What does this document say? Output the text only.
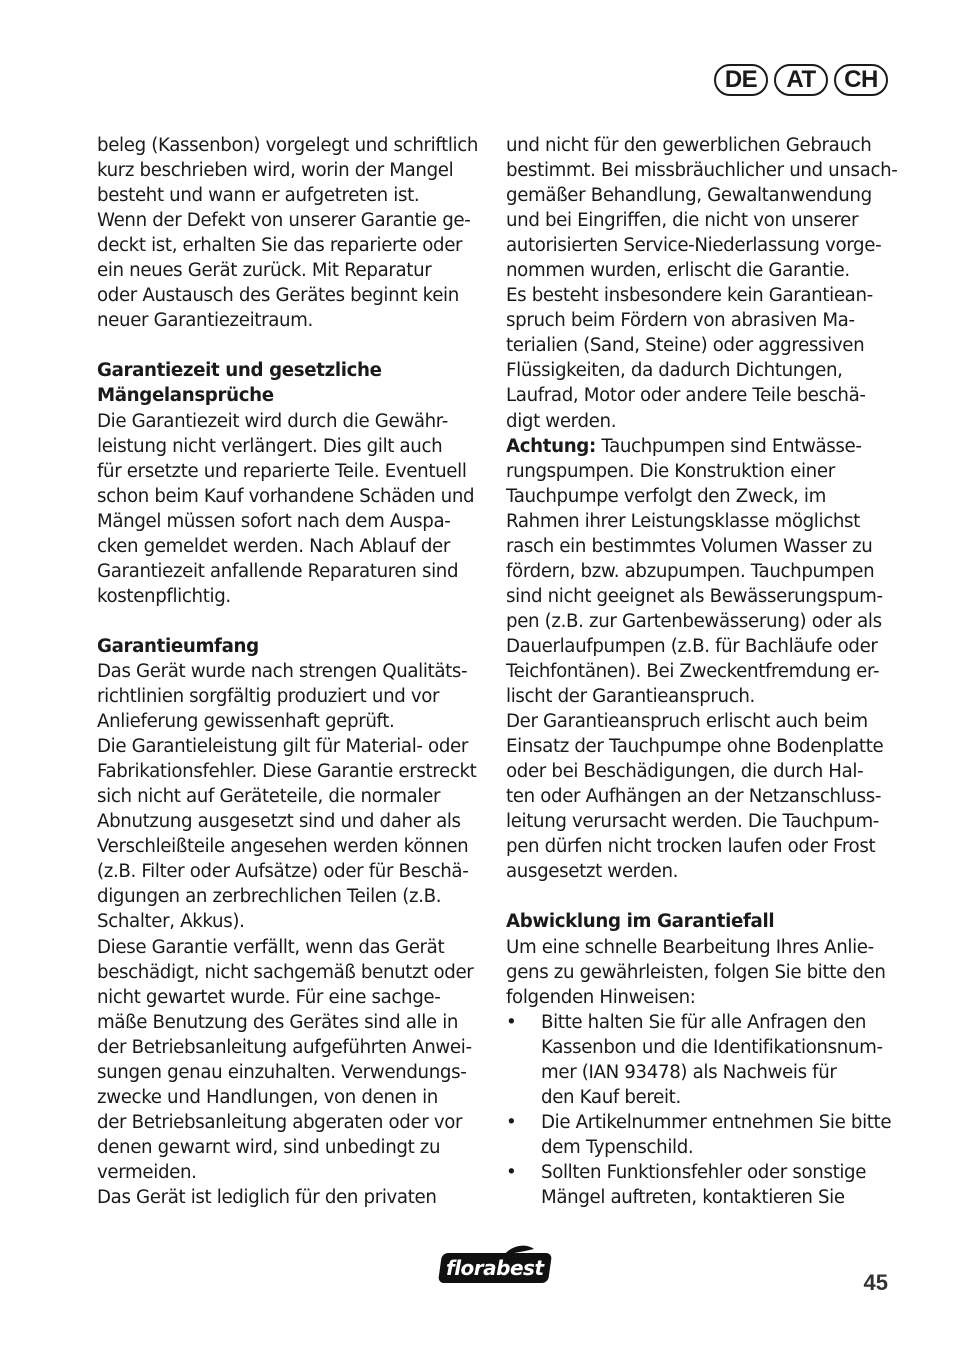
DE	AT	CH
beleg (Kassenbon) vorgelegt und schriftlich
kurz beschrieben wird, worin der Mangel
besteht und wann er aufgetreten ist.
Wenn der Defekt von unserer Garantie ge-
deckt ist, erhalten Sie das reparierte oder
ein neues Gerät zurück. Mit Reparatur
oder Austausch des Gerätes beginnt kein
neuer Garantiezeitraum.
Garantiezeit und gesetzliche
Mängelansprüche
Die Garantiezeit wird durch die Gewähr-
leistung nicht verlängert. Dies gilt auch
für ersetzte und reparierte Teile. Eventuell
schon beim Kauf vorhandene Schäden und
Mängel müssen sofort nach dem Auspa-
cken gemeldet werden. Nach Ablauf der
Garantiezeit anfallende Reparaturen sind
kostenpflichtig.
Garantieumfang
Das Gerät wurde nach strengen Qualitäts-
richtlinien sorgfältig produziert und vor
Anlieferung gewissenhaft geprüft.
Die Garantieleistung gilt für Material- oder
Fabrikationsfehler. Diese Garantie erstreckt
sich nicht auf Geräteteile, die normaler
Abnutzung ausgesetzt sind und daher als
Verschleißteile angesehen werden können
(z.B. Filter oder Aufsätze) oder für Beschä-
digungen an zerbrechlichen Teilen (z.B.
Schalter, Akkus).
Diese Garantie verfällt, wenn das Gerät
beschädigt, nicht sachgemäß benutzt oder
nicht gewartet wurde. Für eine sachge-
mäße Benutzung des Gerätes sind alle in
der Betriebsanleitung aufgeführten Anwei-
sungen genau einzuhalten. Verwendungs-
zwecke und Handlungen, von denen in
der Betriebsanleitung abgeraten oder vor
denen gewarnt wird, sind unbedingt zu
vermeiden.
Das Gerät ist lediglich für den privaten
und nicht für den gewerblichen Gebrauch
bestimmt. Bei missbräuchlicher und unsach-
gemäßer Behandlung, Gewaltanwendung
und bei Eingriffen, die nicht von unserer
autorisierten Service-Niederlassung vorge-
nommen wurden, erlischt die Garantie.
Es besteht insbesondere kein Garantiean-
spruch beim Fördern von abrasiven Ma-
terialien (Sand, Steine) oder aggressiven
Flüssigkeiten, da dadurch Dichtungen,
Laufrad, Motor oder andere Teile beschä-
digt werden.
Achtung: Tauchpumpen sind Entwässe-
rungspumpen. Die Konstruktion einer
Tauchpumpe verfolgt den Zweck, im
Rahmen ihrer Leistungsklasse möglichst
rasch ein bestimmtes Volumen Wasser zu
fördern, bzw. abzupumpen. Tauchpumpen
sind nicht geeignet als Bewässerungspum-
pen (z.B. zur Gartenbewässerung) oder als
Dauerlaufpumpen (z.B. für Bachläufe oder
Teichfontänen). Bei Zweckentfremdung er-
lischt der Garantieanspruch.
Der Garantieanspruch erlischt auch beim
Einsatz der Tauchpumpe ohne Bodenplatte
oder bei Beschädigungen, die durch Hal-
ten oder Aufhängen an der Netzanschluss-
leitung verursacht werden. Die Tauchpum-
pen dürfen nicht trocken laufen oder Frost
ausgesetzt werden.
Abwicklung im Garantiefall
Um eine schnelle Bearbeitung Ihres Anlie-
gens zu gewährleisten, folgen Sie bitte den
folgenden Hinweisen:
• Bitte halten Sie für alle Anfragen den
Kassenbon und die Identifikationsnum-
mer (IAN 93478) als Nachweis für
den Kauf bereit.
• Die Artikelnummer entnehmen Sie bitte
dem Typenschild.
• Sollten Funktionsfehler oder sonstige
Mängel auftreten, kontaktieren Sie
florabest
45
